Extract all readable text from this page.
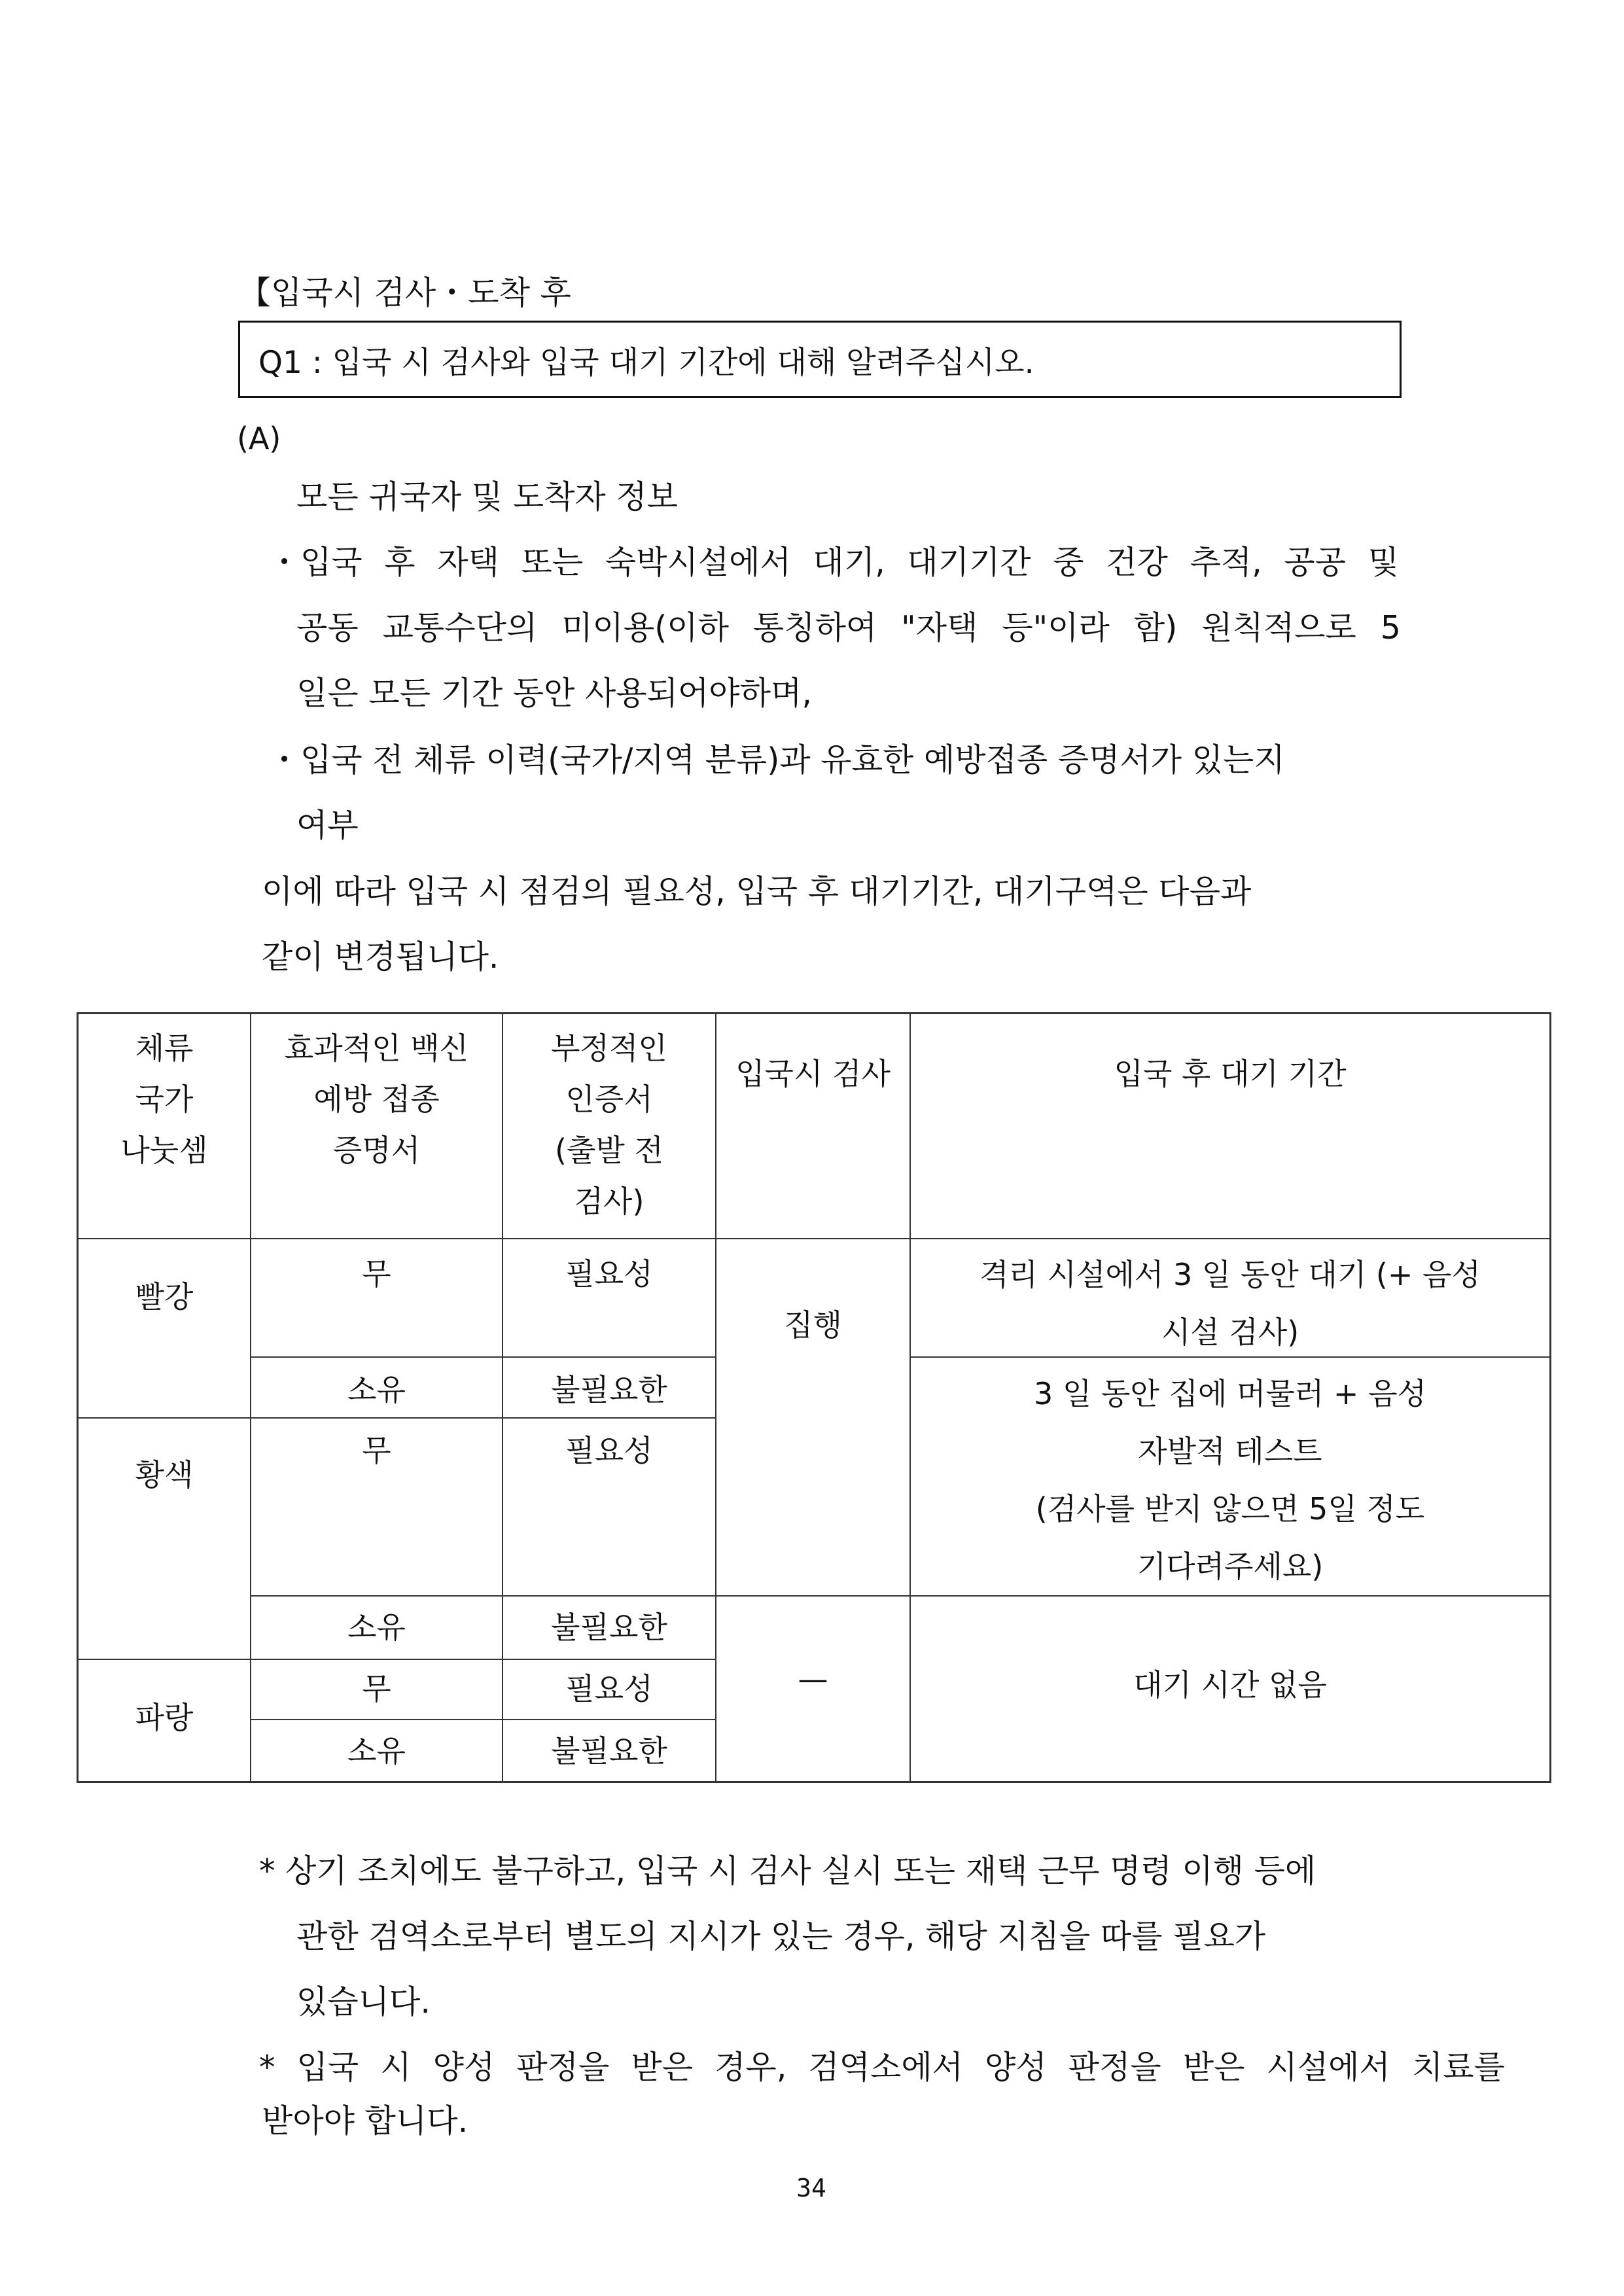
【입국시 검사・도착 후
Q1 : 입국 시 검사와 입국 대기 기간에 대해 알려주십시오.
(A)
모든 귀국자 및 도착자 정보
・입국 후 자택 또는 숙박시설에서 대기, 대기기간 중 건강 추적, 공공 및
공동 교통수단의 미이용(이하 통칭하여 "자택 등"이라 함) 원칙적으로 5
일은 모든 기간 동안 사용되어야하며,
・입국 전 체류 이력(국가/지역 분류)과 유효한 예방접종 증명서가 있는지
여부
이에 따라 입국 시 점검의 필요성, 입국 후 대기기간, 대기구역은 다음과
같이 변경됩니다.
체류
국가
나눗셈
효과적인 백신
예방 접종
증명서
부정적인
인증서
(출발 전
검사)
입국시 검사	입국 후 대기 기간
빨강
황색
파랑
무
소유
무
소유
무
소유
필요성
불필요한
필요성
불필요한
필요성
불필요한
집행
—
격리 시설에서 3 일 동안 대기 (+ 음성
시설 검사)
3 일 동안 집에 머물러 + 음성
자발적 테스트
(검사를 받지 않으면 5일 정도
기다려주세요)
대기 시간 없음
* 상기 조치에도 불구하고, 입국 시 검사 실시 또는 재택 근무 명령 이행 등에
관한 검역소로부터 별도의 지시가 있는 경우, 해당 지침을 따를 필요가
있습니다.
* 입국 시 양성 판정을 받은 경우, 검역소에서 양성 판정을 받은 시설에서 치료를
받아야 합니다.
34
